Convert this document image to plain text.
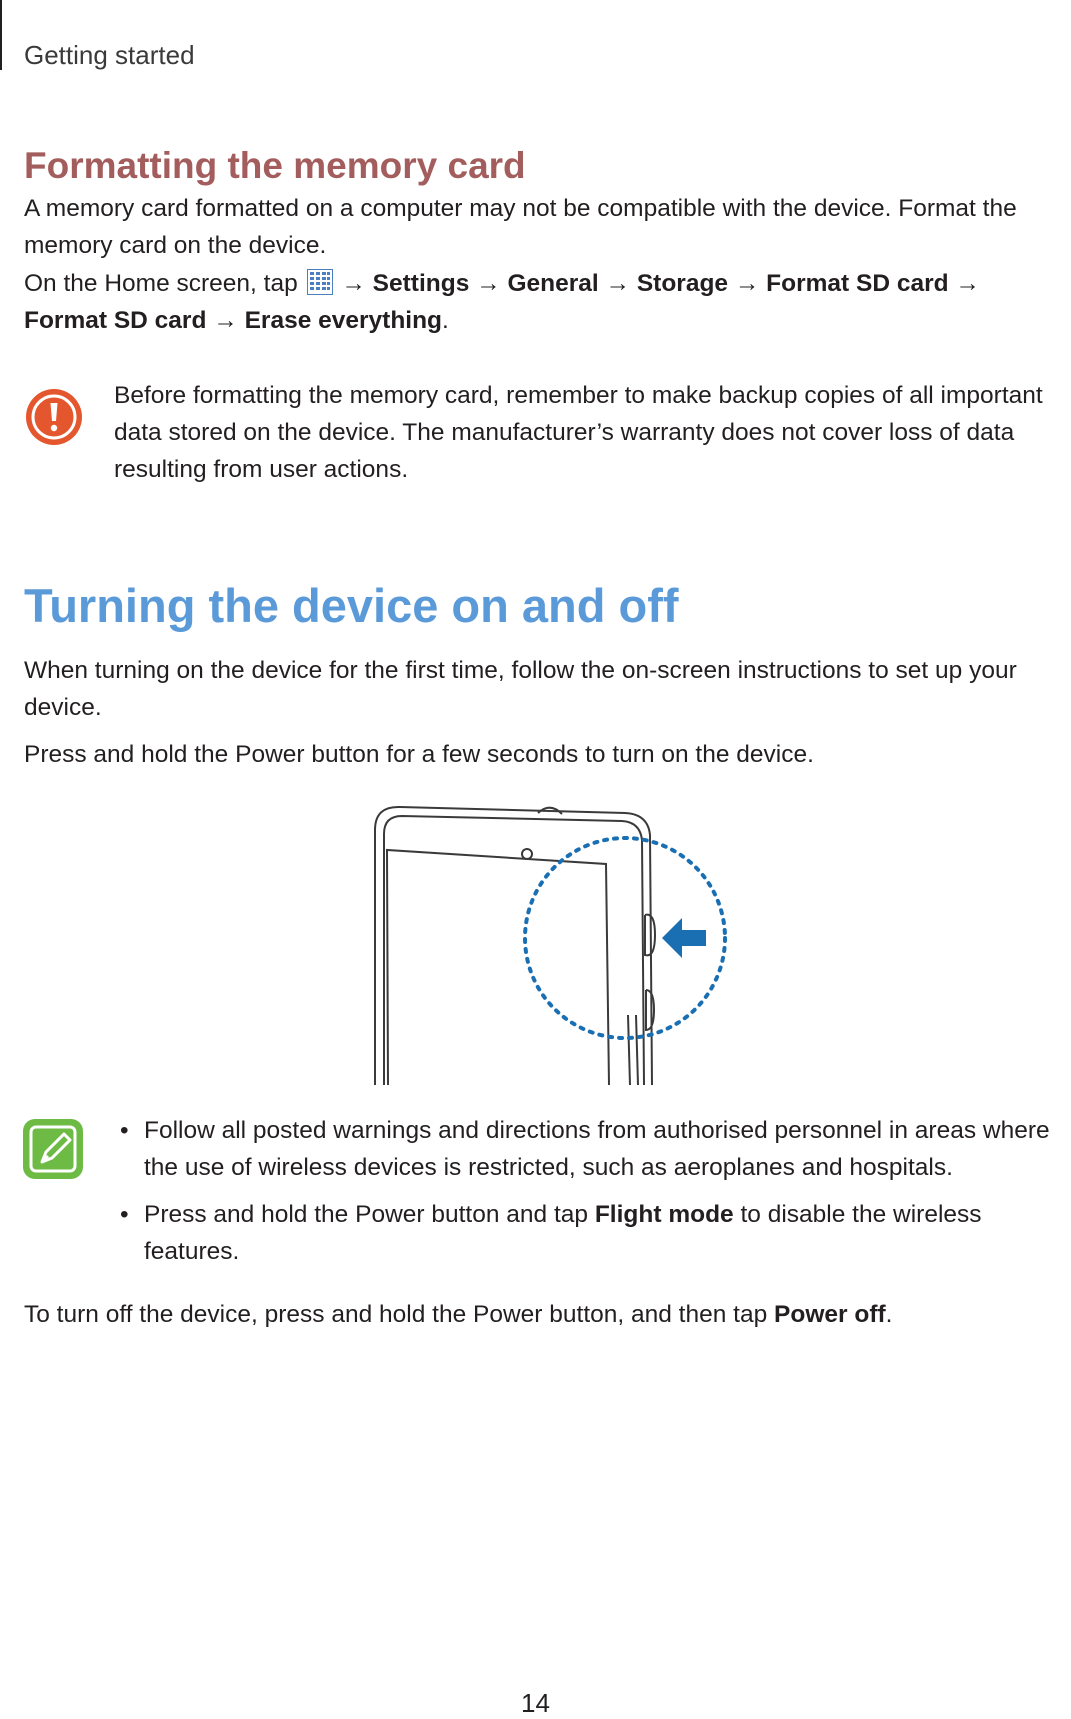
Getting started
Formatting the memory card

A memory card formatted on a computer may not be compatible with the device. Format the memory card on the device.

On the Home screen, tap → Settings → General → Storage → Format SD card →
Format SD card → Erase everything.

Before formatting the memory card, remember to make backup copies of all important data stored on the device. The manufacturer’s warranty does not cover loss of data resulting from user actions.

Turning the device on and off

When turning on the device for the first time, follow the on-screen instructions to set up your device.

Press and hold the Power button for a few seconds to turn on the device.

• Follow all posted warnings and directions from authorised personnel in areas where the use of wireless devices is restricted, such as aeroplanes and hospitals.
• Press and hold the Power button and tap Flight mode to disable the wireless features.

To turn off the device, press and hold the Power button, and then tap Power off.

14
